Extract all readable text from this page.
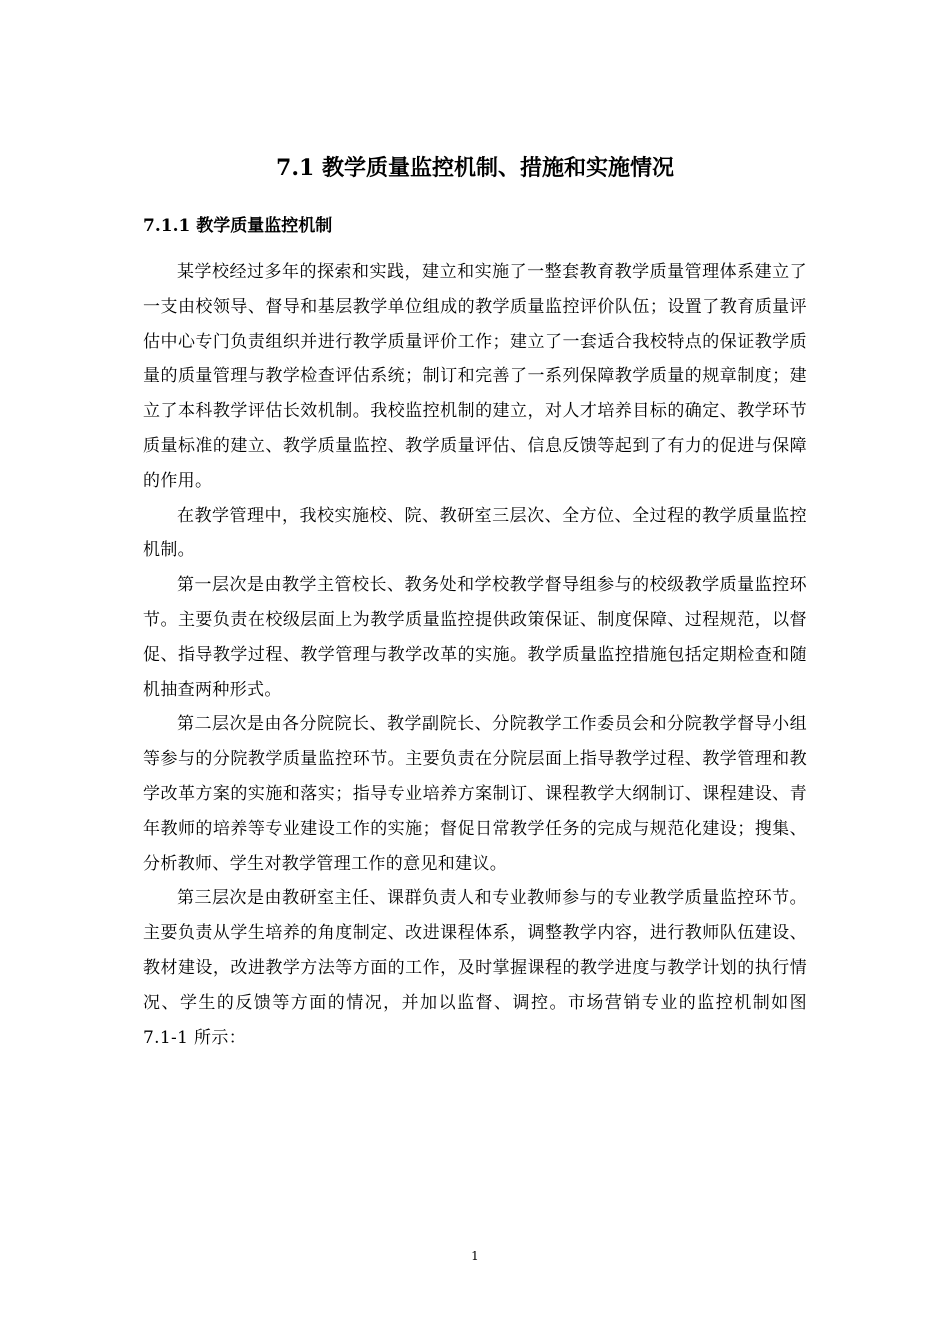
7.1 教学质量监控机制、措施和实施情况
7.1.1 教学质量监控机制

某学校经过多年的探索和实践，建立和实施了一整套教育教学质量管理体系建立了一支由校领导、督导和基层教学单位组成的教学质量监控评价队伍；设置了教育质量评估中心专门负责组织并进行教学质量评价工作；建立了一套适合我校特点的保证教学质量的质量管理与教学检查评估系统；制订和完善了一系列保障教学质量的规章制度；建立了本科教学评估长效机制。我校监控机制的建立，对人才培养目标的确定、教学环节质量标准的建立、教学质量监控、教学质量评估、信息反馈等起到了有力的促进与保障的作用。

在教学管理中，我校实施校、院、教研室三层次、全方位、全过程的教学质量监控机制。

第一层次是由教学主管校长、教务处和学校教学督导组参与的校级教学质量监控环节。主要负责在校级层面上为教学质量监控提供政策保证、制度保障、过程规范，以督促、指导教学过程、教学管理与教学改革的实施。教学质量监控措施包括定期检查和随机抽查两种形式。

第二层次是由各分院院长、教学副院长、分院教学工作委员会和分院教学督导小组等参与的分院教学质量监控环节。主要负责在分院层面上指导教学过程、教学管理和教学改革方案的实施和落实；指导专业培养方案制订、课程教学大纲制订、课程建设、青年教师的培养等专业建设工作的实施；督促日常教学任务的完成与规范化建设；搜集、分析教师、学生对教学管理工作的意见和建议。

第三层次是由教研室主任、课群负责人和专业教师参与的专业教学质量监控环节。主要负责从学生培养的角度制定、改进课程体系，调整教学内容，进行教师队伍建设、教材建设，改进教学方法等方面的工作，及时掌握课程的教学进度与教学计划的执行情况、学生的反馈等方面的情况，并加以监督、调控。市场营销专业的监控机制如图 7.1-1 所示：

1
